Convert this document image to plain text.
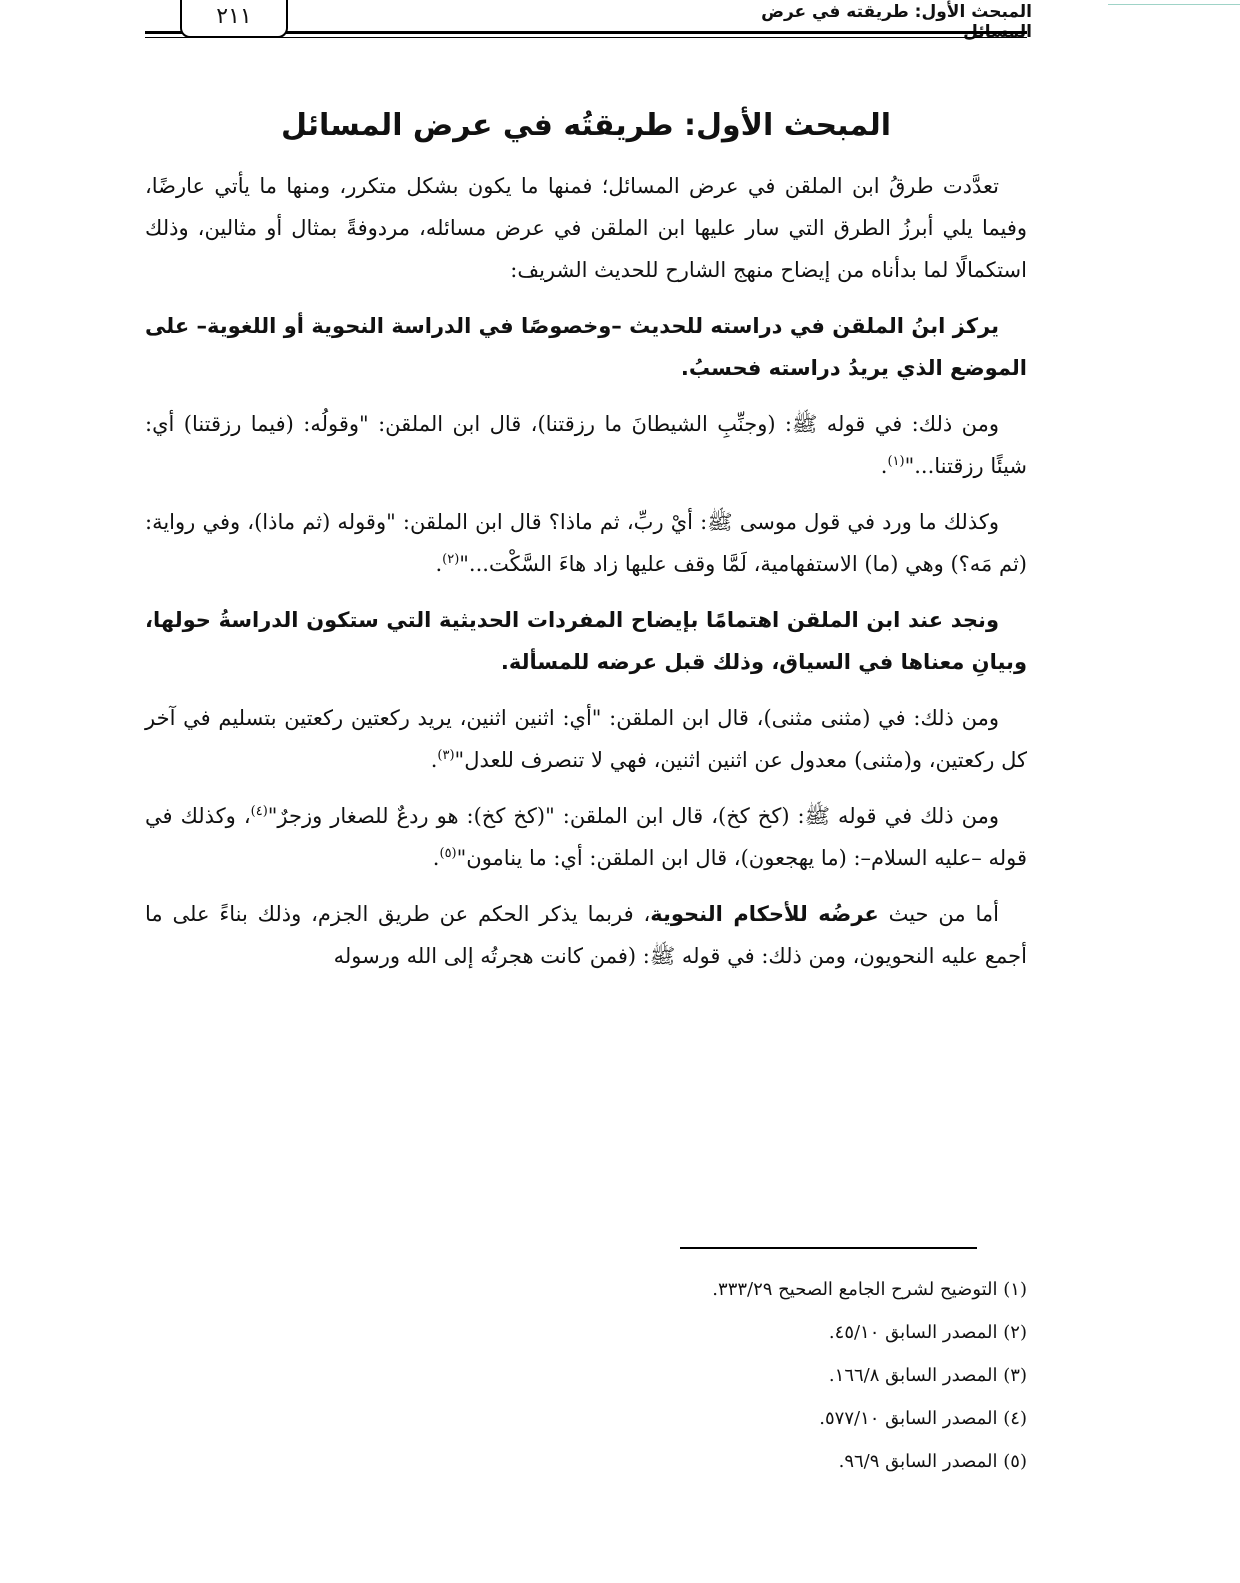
المبحث الأول: طريقته في عرض المسائل
٢١١
المبحث الأول: طريقتُه في عرض المسائل

تعدَّدت طرقُ ابن الملقن في عرض المسائل؛ فمنها ما يكون بشكل متكرر، ومنها ما يأتي عارضًا، وفيما يلي أبرزُ الطرق التي سار عليها ابن الملقن في عرض مسائله، مردوفةً بمثال أو مثالين، وذلك استكمالًا لما بدأناه من إيضاح منهج الشارح للحديث الشريف:

يركز ابنُ الملقن في دراسته للحديث –وخصوصًا في الدراسة النحوية أو اللغوية– على الموضع الذي يريدُ دراسته فحسبُ.

ومن ذلك: في قوله ﷺ: (وجنِّبِ الشيطانَ ما رزقتنا)، قال ابن الملقن: "وقولُه: (فيما رزقتنا) أي: شيئًا رزقتنا..."$^{(١)}$.

وكذلك ما ورد في قول موسى ﷺ: أيْ ربِّ، ثم ماذا؟ قال ابن الملقن: "وقوله (ثم ماذا)، وفي رواية: (ثم مَه؟) وهي (ما) الاستفهامية، لَمَّا وقف عليها زاد هاءَ السَّكْت..."$^{(٢)}$.

ونجد عند ابن الملقن اهتمامًا بإيضاح المفردات الحديثية التي ستكون الدراسةُ حولها، وبيانِ معناها في السياق، وذلك قبل عرضه للمسألة.

ومن ذلك: في (مثنى مثنى)، قال ابن الملقن: "أي: اثنين اثنين، يريد ركعتين ركعتين بتسليم في آخر كل ركعتين، و(مثنى) معدول عن اثنين اثنين، فهي لا تنصرف للعدل"$^{(٣)}$.

ومن ذلك في قوله ﷺ: (كخ كخ)، قال ابن الملقن: "(كخ كخ): هو ردعٌ للصغار وزجرٌ"$^{(٤)}$، وكذلك في قوله –عليه السلام–: (ما يهجعون)، قال ابن الملقن: أي: ما ينامون"$^{(٥)}$.

أما من حيث عرضُه للأحكام النحوية، فربما يذكر الحكم عن طريق الجزم، وذلك بناءً على ما أجمع عليه النحويون، ومن ذلك: في قوله ﷺ: (فمن كانت هجرتُه إلى الله ورسوله

(١) التوضيح لشرح الجامع الصحيح ٣٣٣/٢٩.
(٢) المصدر السابق ٤٥/١٠.
(٣) المصدر السابق ١٦٦/٨.
(٤) المصدر السابق ٥٧٧/١٠.
(٥) المصدر السابق ٩٦/٩.
